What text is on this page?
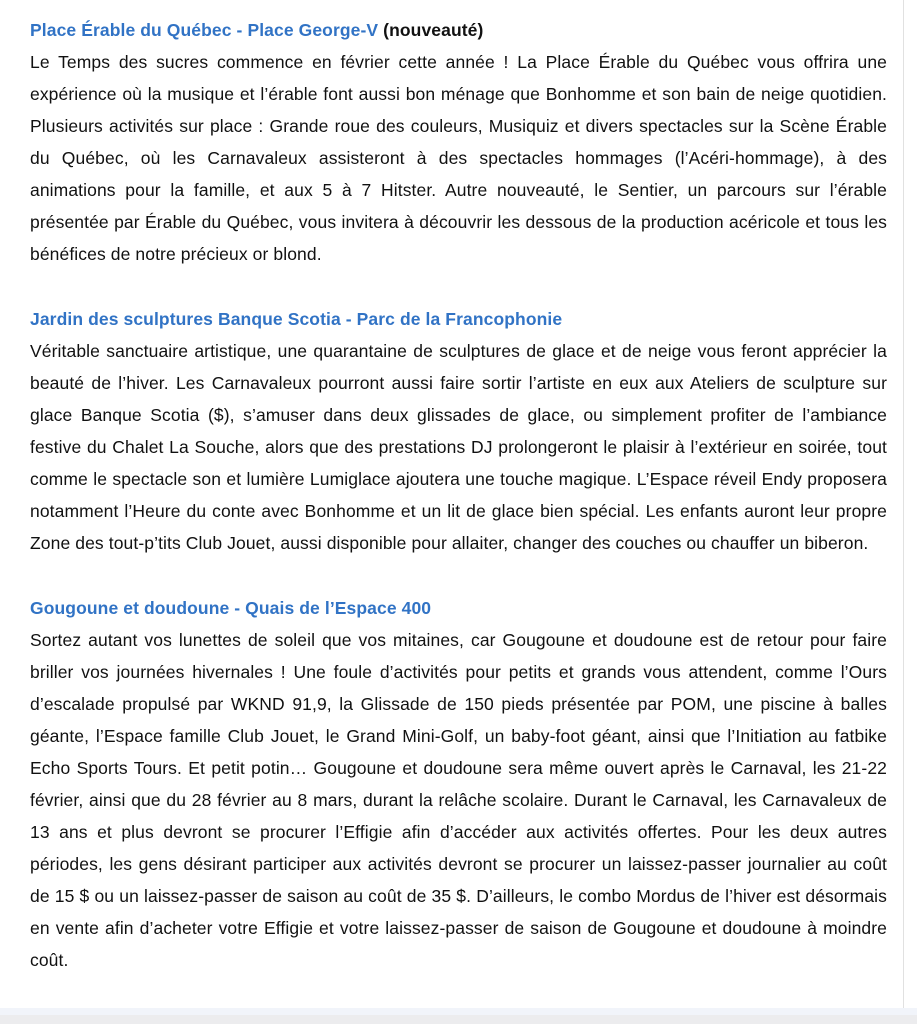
Place Érable du Québec - Place George-V (nouveauté)

Le Temps des sucres commence en février cette année ! La Place Érable du Québec vous offrira une expérience où la musique et l’érable font aussi bon ménage que Bonhomme et son bain de neige quotidien. Plusieurs activités sur place : Grande roue des couleurs, Musiquiz et divers spectacles sur la Scène Érable du Québec, où les Carnavaleux assisteront à des spectacles hommages (l’Acéri-hommage), à des animations pour la famille, et aux 5 à 7 Hitster. Autre nouveauté, le Sentier, un parcours sur l’érable présentée par Érable du Québec, vous invitera à découvrir les dessous de la production acéricole et tous les bénéfices de notre précieux or blond.

Jardin des sculptures Banque Scotia - Parc de la Francophonie

Véritable sanctuaire artistique, une quarantaine de sculptures de glace et de neige vous feront apprécier la beauté de l’hiver. Les Carnavaleux pourront aussi faire sortir l’artiste en eux aux Ateliers de sculpture sur glace Banque Scotia ($), s’amuser dans deux glissades de glace, ou simplement profiter de l’ambiance festive du Chalet La Souche, alors que des prestations DJ prolongeront le plaisir à l’extérieur en soirée, tout comme le spectacle son et lumière Lumiglace ajoutera une touche magique. L’Espace réveil Endy proposera notamment l’Heure du conte avec Bonhomme et un lit de glace bien spécial. Les enfants auront leur propre Zone des tout-p’tits Club Jouet, aussi disponible pour allaiter, changer des couches ou chauffer un biberon.

Gougoune et doudoune - Quais de l’Espace 400

Sortez autant vos lunettes de soleil que vos mitaines, car Gougoune et doudoune est de retour pour faire briller vos journées hivernales ! Une foule d’activités pour petits et grands vous attendent, comme l’Ours d’escalade propulsé par WKND 91,9, la Glissade de 150 pieds présentée par POM, une piscine à balles géante, l’Espace famille Club Jouet, le Grand Mini-Golf, un baby-foot géant, ainsi que l’Initiation au fatbike Echo Sports Tours. Et petit potin… Gougoune et doudoune sera même ouvert après le Carnaval, les 21-22 février, ainsi que du 28 février au 8 mars, durant la relâche scolaire. Durant le Carnaval, les Carnavaleux de 13 ans et plus devront se procurer l’Effigie afin d’accéder aux activités offertes. Pour les deux autres périodes, les gens désirant participer aux activités devront se procurer un laissez-passer journalier au coût de 15 $ ou un laissez-passer de saison au coût de 35 $. D’ailleurs, le combo Mordus de l’hiver est désormais en vente afin d’acheter votre Effigie et votre laissez-passer de saison de Gougoune et doudoune à moindre coût.
